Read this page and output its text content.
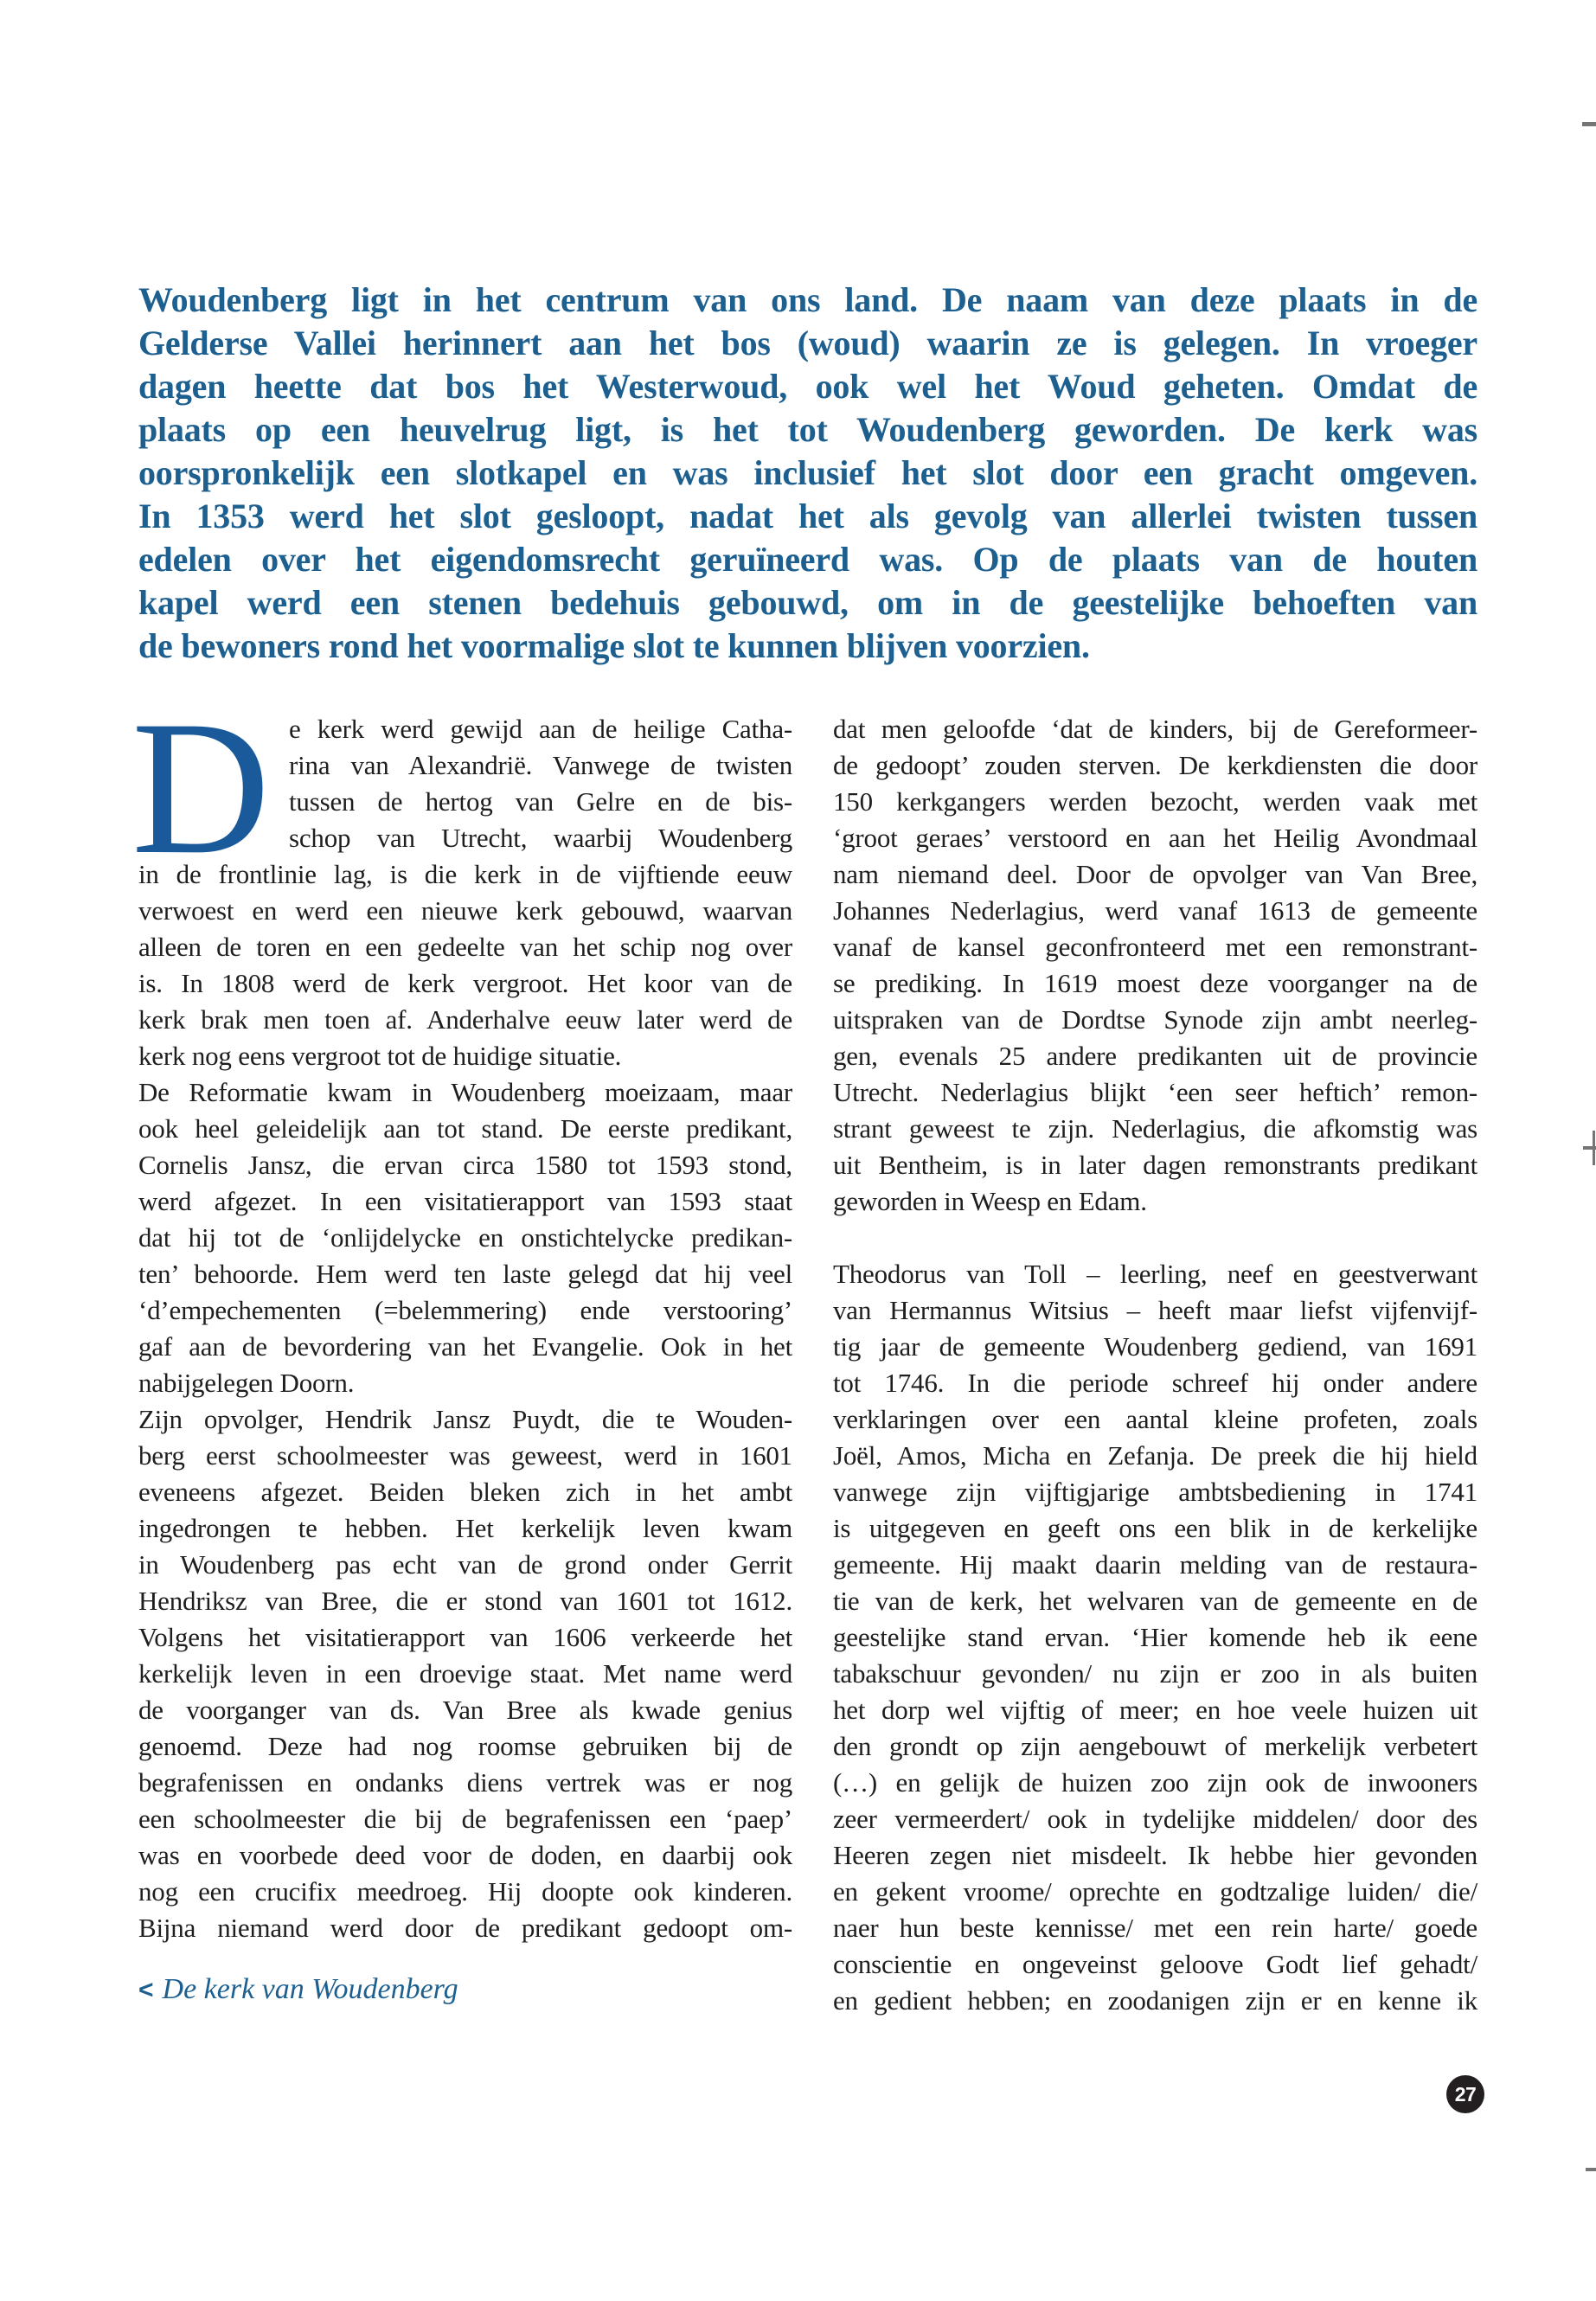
Woudenberg ligt in het centrum van ons land. De naam van deze plaats in de
Gelderse Vallei herinnert aan het bos (woud) waarin ze is gelegen. In vroeger
dagen heette dat bos het Westerwoud, ook wel het Woud geheten. Omdat de
plaats op een heuvelrug ligt, is het tot Woudenberg geworden. De kerk was
oorspronkelijk een slotkapel en was inclusief het slot door een gracht omgeven.
In 1353 werd het slot gesloopt, nadat het als gevolg van allerlei twisten tussen
edelen over het eigendomsrecht geruïneerd was. Op de plaats van de houten
kapel werd een stenen bedehuis gebouwd, om in de geestelijke behoeften van
de bewoners rond het voormalige slot te kunnen blijven voorzien.
D e kerk werd gewijd aan de heilige Catha-
rina van Alexandrië. Vanwege de twisten
tussen de hertog van Gelre en de bis-
schop van Utrecht, waarbij Woudenberg
in de frontlinie lag, is die kerk in de vijftiende eeuw
verwoest en werd een nieuwe kerk gebouwd, waarvan
alleen de toren en een gedeelte van het schip nog over
is. In 1808 werd de kerk vergroot. Het koor van de
kerk brak men toen af. Anderhalve eeuw later werd de
kerk nog eens vergroot tot de huidige situatie.
De Reformatie kwam in Woudenberg moeizaam, maar
ook heel geleidelijk aan tot stand. De eerste predikant,
Cornelis Jansz, die ervan circa 1580 tot 1593 stond,
werd afgezet. In een visitatierapport van 1593 staat
dat hij tot de ‘onlijdelycke en onstichtelycke predikan-
ten’ behoorde. Hem werd ten laste gelegd dat hij veel
‘d’empechementen (=belemmering) ende verstooring’
gaf aan de bevordering van het Evangelie. Ook in het
nabijgelegen Doorn.
Zijn opvolger, Hendrik Jansz Puydt, die te Wouden-
berg eerst schoolmeester was geweest, werd in 1601
eveneens afgezet. Beiden bleken zich in het ambt
ingedrongen te hebben. Het kerkelijk leven kwam
in Woudenberg pas echt van de grond onder Gerrit
Hendriksz van Bree, die er stond van 1601 tot 1612.
Volgens het visitatierapport van 1606 verkeerde het
kerkelijk leven in een droevige staat. Met name werd
de voorganger van ds. Van Bree als kwade genius
genoemd. Deze had nog roomse gebruiken bij de
begrafenissen en ondanks diens vertrek was er nog
een schoolmeester die bij de begrafenissen een ‘paep’
was en voorbede deed voor de doden, en daarbij ook
nog een crucifix meedroeg. Hij doopte ook kinderen.
Bijna niemand werd door de predikant gedoopt om-
dat men geloofde ‘dat de kinders, bij de Gereformeer-
de gedoopt’ zouden sterven. De kerkdiensten die door
150 kerkgangers werden bezocht, werden vaak met
‘groot geraes’ verstoord en aan het Heilig Avondmaal
nam niemand deel. Door de opvolger van Van Bree,
Johannes Nederlagius, werd vanaf 1613 de gemeente
vanaf de kansel geconfronteerd met een remonstrant-
se prediking. In 1619 moest deze voorganger na de
uitspraken van de Dordtse Synode zijn ambt neerleg-
gen, evenals 25 andere predikanten uit de provincie
Utrecht. Nederlagius blijkt ‘een seer heftich’ remon-
strant geweest te zijn. Nederlagius, die afkomstig was
uit Bentheim, is in later dagen remonstrants predikant
geworden in Weesp en Edam.
Theodorus van Toll – leerling, neef en geestverwant
van Hermannus Witsius – heeft maar liefst vijfenvijf-
tig jaar de gemeente Woudenberg gediend, van 1691
tot 1746. In die periode schreef hij onder andere
verklaringen over een aantal kleine profeten, zoals
Joël, Amos, Micha en Zefanja. De preek die hij hield
vanwege zijn vijftigjarige ambtsbediening in 1741
is uitgegeven en geeft ons een blik in de kerkelijke
gemeente. Hij maakt daarin melding van de restaura-
tie van de kerk, het welvaren van de gemeente en de
geestelijke stand ervan. ‘Hier komende heb ik eene
tabakschuur gevonden/ nu zijn er zoo in als buiten
het dorp wel vijftig of meer; en hoe veele huizen uit
den grondt op zijn aengebouwt of merkelijk verbetert
(…) en gelijk de huizen zoo zijn ook de inwooners
zeer vermeerdert/ ook in tydelijke middelen/ door des
Heeren zegen niet misdeelt. Ik hebbe hier gevonden
en gekent vroome/ oprechte en godtzalige luiden/ die/
naer hun beste kennisse/ met een rein harte/ goede
conscientie en ongeveinst geloove Godt lief gehadt/
en gedient hebben; en zoodanigen zijn er en kenne ik
< De kerk van Woudenberg
27
